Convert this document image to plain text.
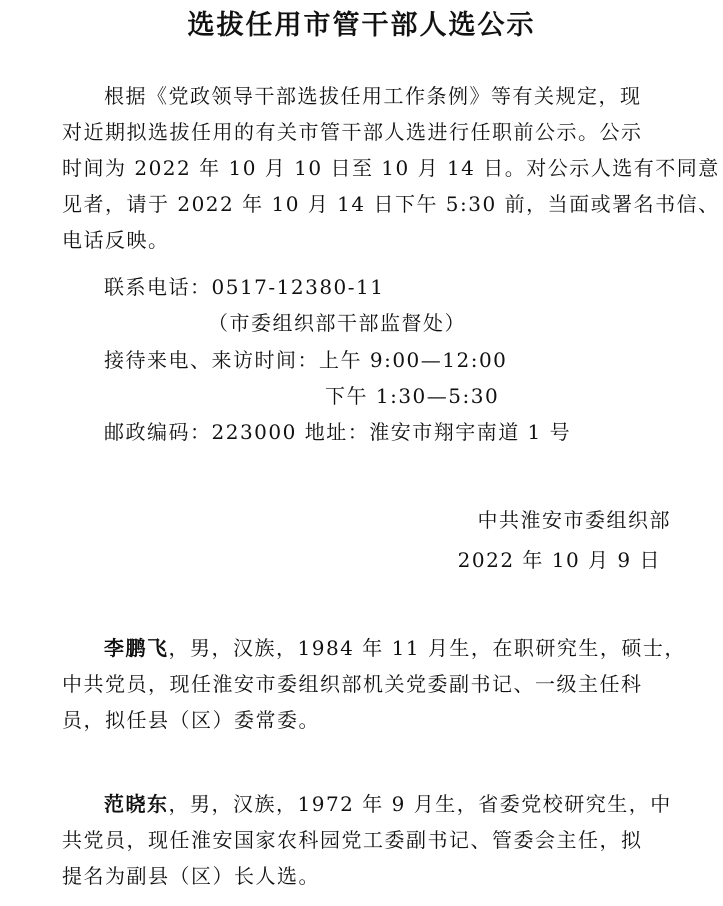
选拔任用市管干部人选公示
根据《党政领导干部选拔任用工作条例》等有关规定，现
对近期拟选拔任用的有关市管干部人选进行任职前公示。公示
时间为 2022 年 10 月 10 日至 10 月 14 日。对公示人选有不同意
见者，请于 2022 年 10 月 14 日下午 5:30 前，当面或署名书信、
电话反映。
联系电话：0517-12380-11
（市委组织部干部监督处）
接待来电、来访时间：上午 9:00—12:00
下午 1:30—5:30
邮政编码：223000 地址：淮安市翔宇南道 1 号
中共淮安市委组织部
2022 年 10 月 9 日
李鹏飞，男，汉族，1984 年 11 月生，在职研究生，硕士，
中共党员，现任淮安市委组织部机关党委副书记、一级主任科
员，拟任县（区）委常委。
范晓东，男，汉族，1972 年 9 月生，省委党校研究生，中
共党员，现任淮安国家农科园党工委副书记、管委会主任，拟
提名为副县（区）长人选。
